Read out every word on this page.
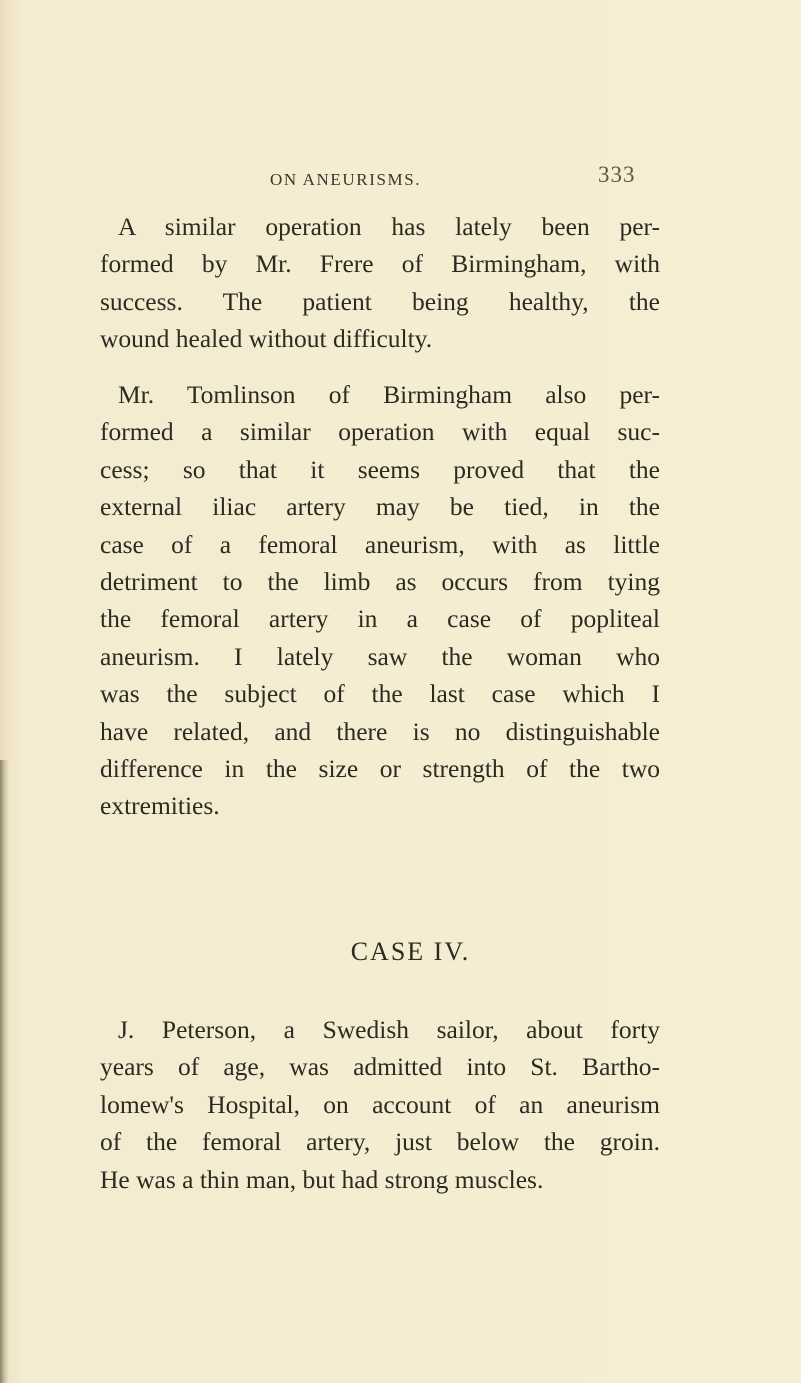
ON ANEURISMS.	333
A similar operation has lately been per-
formed by Mr. Frere of Birmingham, with
success. The patient being healthy, the
wound healed without difficulty.
Mr. Tomlinson of Birmingham also per-
formed a similar operation with equal suc-
cess; so that it seems proved that the
external iliac artery may be tied, in the
case of a femoral aneurism, with as little
detriment to the limb as occurs from tying
the femoral artery in a case of popliteal
aneurism. I lately saw the woman who
was the subject of the last case which I
have related, and there is no distinguishable
difference in the size or strength of the two
extremities.
CASE IV.
J. Peterson, a Swedish sailor, about forty
years of age, was admitted into St. Bartho-
lomew's Hospital, on account of an aneurism
of the femoral artery, just below the groin.
He was a thin man, but had strong muscles.
